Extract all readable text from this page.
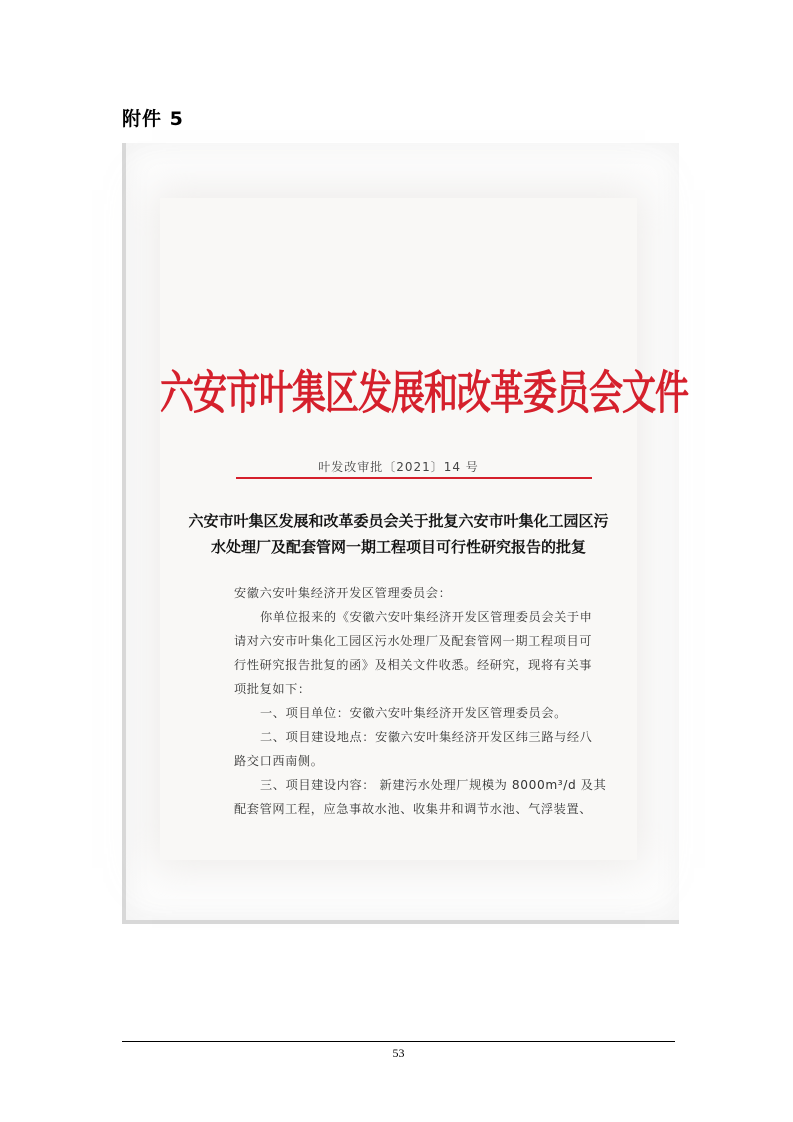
附件 5
六安市叶集区发展和改革委员会文件
叶发改审批〔2021〕14 号
六安市叶集区发展和改革委员会关于批复六安市叶集化工园区污
水处理厂及配套管网一期工程项目可行性研究报告的批复
安徽六安叶集经济开发区管理委员会：
你单位报来的《安徽六安叶集经济开发区管理委员会关于申
请对六安市叶集化工园区污水处理厂及配套管网一期工程项目可
行性研究报告批复的函》及相关文件收悉。经研究，现将有关事
项批复如下：
一、项目单位：安徽六安叶集经济开发区管理委员会。
二、项目建设地点：安徽六安叶集经济开发区纬三路与经八
路交口西南侧。
三、项目建设内容： 新建污水处理厂规模为 8000m³/d 及其
配套管网工程，应急事故水池、收集井和调节水池、气浮装置、
53
